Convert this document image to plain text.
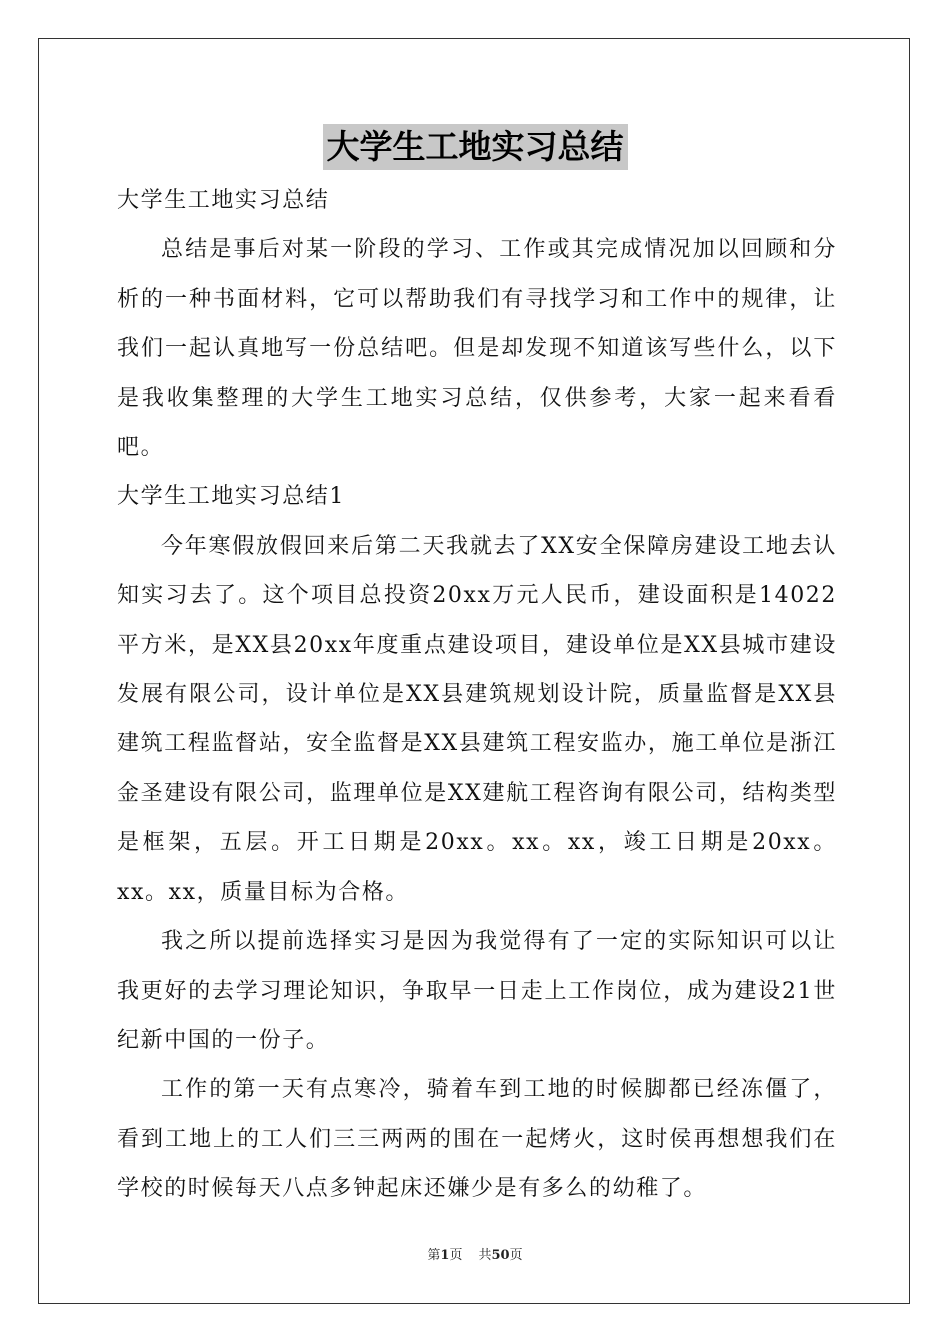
大学生工地实习总结

大学生工地实习总结

总结是事后对某一阶段的学习、工作或其完成情况加以回顾和分析的一种书面材料，它可以帮助我们有寻找学习和工作中的规律，让我们一起认真地写一份总结吧。但是却发现不知道该写些什么，以下是我收集整理的大学生工地实习总结，仅供参考，大家一起来看看吧。

大学生工地实习总结1

今年寒假放假回来后第二天我就去了XX安全保障房建设工地去认知实习去了。这个项目总投资20xx万元人民币，建设面积是14022平方米，是XX县20xx年度重点建设项目，建设单位是XX县城市建设发展有限公司，设计单位是XX县建筑规划设计院，质量监督是XX县建筑工程监督站，安全监督是XX县建筑工程安监办，施工单位是浙江金圣建设有限公司，监理单位是XX建航工程咨询有限公司，结构类型是框架，五层。开工日期是20xx。xx。xx，竣工日期是20xx。xx。xx，质量目标为合格。

我之所以提前选择实习是因为我觉得有了一定的实际知识可以让我更好的去学习理论知识，争取早一日走上工作岗位，成为建设21世纪新中国的一份子。

工作的第一天有点寒冷，骑着车到工地的时候脚都已经冻僵了，看到工地上的工人们三三两两的围在一起烤火，这时侯再想想我们在学校的时候每天八点多钟起床还嫌少是有多么的幼稚了。

第1页 共50页
